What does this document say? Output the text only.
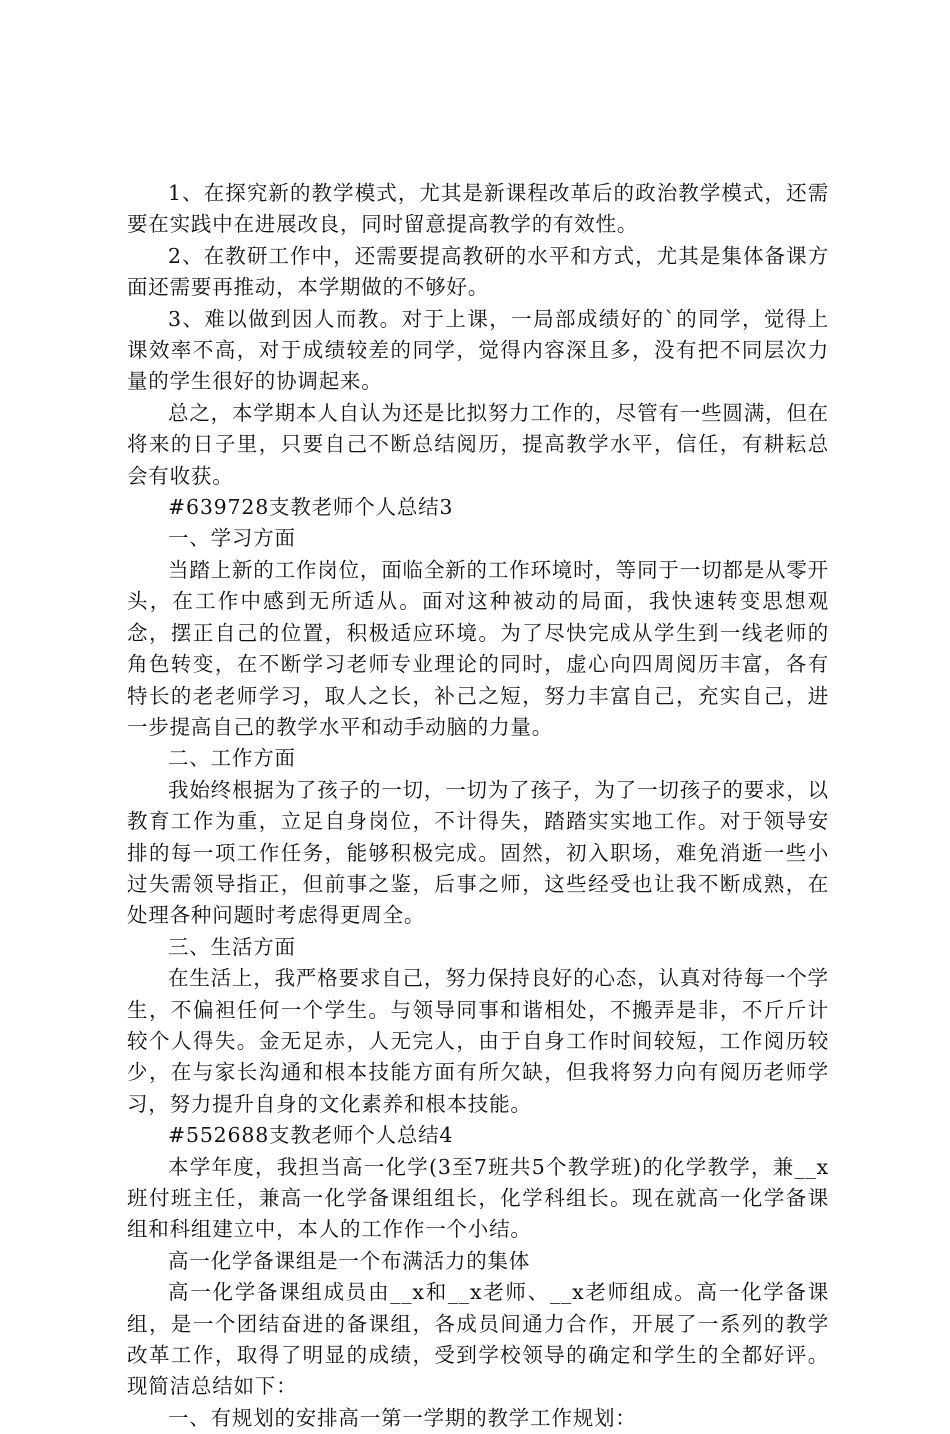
1、在探究新的教学模式，尤其是新课程改革后的政治教学模式，还需要在实践中在进展改良，同时留意提高教学的有效性。

2、在教研工作中，还需要提高教研的水平和方式，尤其是集体备课方面还需要再推动，本学期做的不够好。

3、难以做到因人而教。对于上课，一局部成绩好的`的同学，觉得上课效率不高，对于成绩较差的同学，觉得内容深且多，没有把不同层次力量的学生很好的协调起来。

总之，本学期本人自认为还是比拟努力工作的，尽管有一些圆满，但在将来的日子里，只要自己不断总结阅历，提高教学水平，信任，有耕耘总会有收获。

#639728支教老师个人总结3

一、学习方面

当踏上新的工作岗位，面临全新的工作环境时，等同于一切都是从零开头，在工作中感到无所适从。面对这种被动的局面，我快速转变思想观念，摆正自己的位置，积极适应环境。为了尽快完成从学生到一线老师的角色转变，在不断学习老师专业理论的同时，虚心向四周阅历丰富，各有特长的老老师学习，取人之长，补己之短，努力丰富自己，充实自己，进一步提高自己的教学水平和动手动脑的力量。

二、工作方面

我始终根据为了孩子的一切，一切为了孩子，为了一切孩子的要求，以教育工作为重，立足自身岗位，不计得失，踏踏实实地工作。对于领导安排的每一项工作任务，能够积极完成。固然，初入职场，难免消逝一些小过失需领导指正，但前事之鉴，后事之师，这些经受也让我不断成熟，在处理各种问题时考虑得更周全。

三、生活方面

在生活上，我严格要求自己，努力保持良好的心态，认真对待每一个学生，不偏袒任何一个学生。与领导同事和谐相处，不搬弄是非，不斤斤计较个人得失。金无足赤，人无完人，由于自身工作时间较短，工作阅历较少，在与家长沟通和根本技能方面有所欠缺，但我将努力向有阅历老师学习，努力提升自身的文化素养和根本技能。

#552688支教老师个人总结4

本学年度，我担当高一化学(3至7班共5个教学班)的化学教学，兼__x班付班主任，兼高一化学备课组组长，化学科组长。现在就高一化学备课组和科组建立中，本人的工作作一个小结。

高一化学备课组是一个布满活力的集体

高一化学备课组成员由__x和__x老师、__x老师组成。高一化学备课组，是一个团结奋进的备课组，各成员间通力合作，开展了一系列的教学改革工作，取得了明显的成绩，受到学校领导的确定和学生的全都好评。现简洁总结如下：

一、有规划的安排高一第一学期的教学工作规划：
